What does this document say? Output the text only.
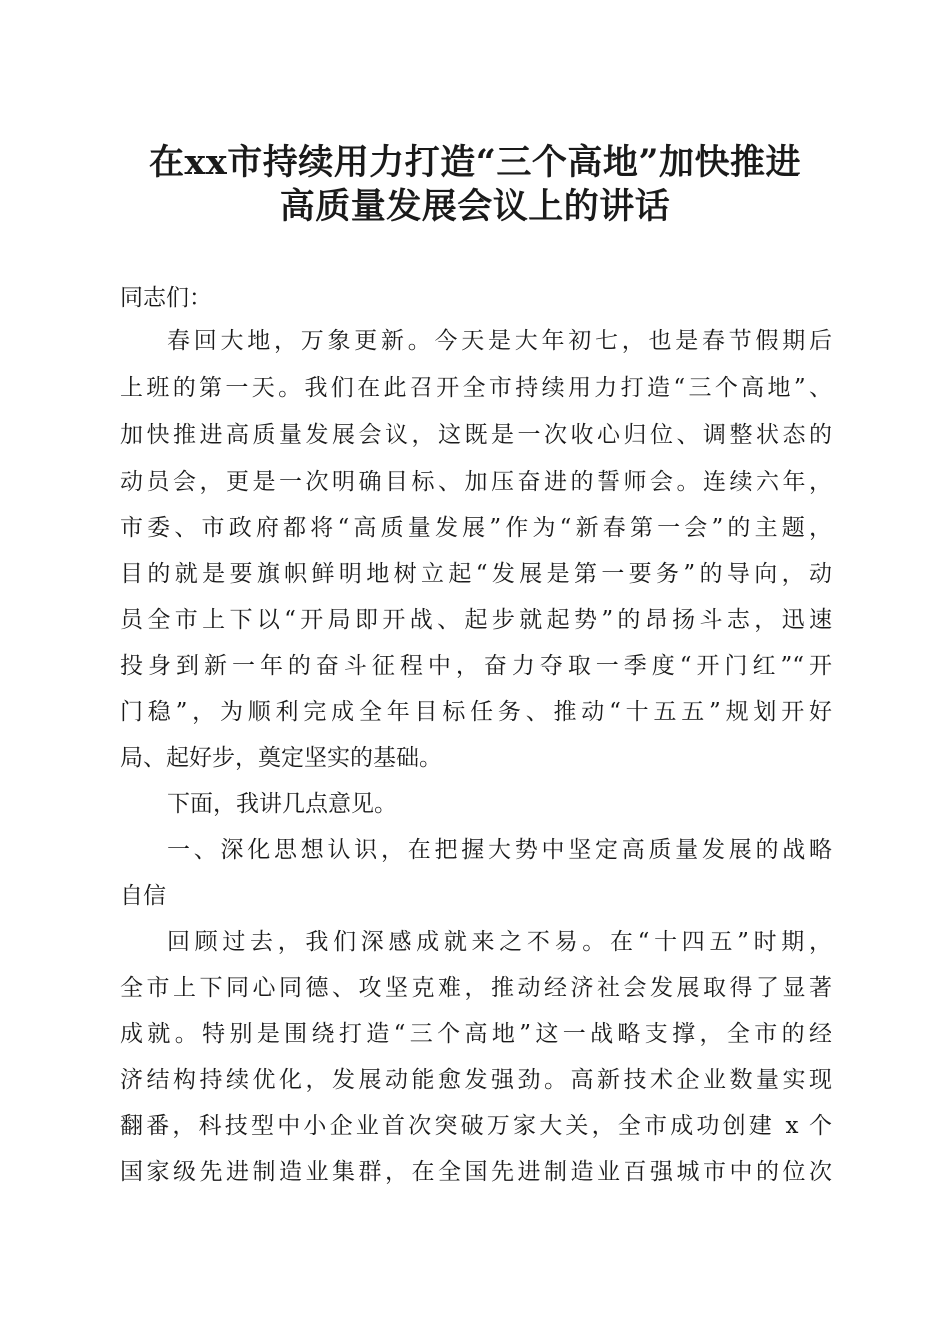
在xx市持续用力打造“三个高地”加快推进
高质量发展会议上的讲话
同志们：
春回大地，万象更新。今天是大年初七，也是春节假期后
上班的第一天。我们在此召开全市持续用力打造“三个高地”、
加快推进高质量发展会议，这既是一次收心归位、调整状态的
动员会，更是一次明确目标、加压奋进的誓师会。连续六年，
市委、市政府都将“高质量发展”作为“新春第一会”的主题，
目的就是要旗帜鲜明地树立起“发展是第一要务”的导向，动
员全市上下以“开局即开战、起步就起势”的昂扬斗志，迅速
投身到新一年的奋斗征程中，奋力夺取一季度“开门红”“开
门稳”，为顺利完成全年目标任务、推动“十五五”规划开好
局、起好步，奠定坚实的基础。
下面，我讲几点意见。
一、深化思想认识，在把握大势中坚定高质量发展的战略
自信
回顾过去，我们深感成就来之不易。在“十四五”时期，
全市上下同心同德、攻坚克难，推动经济社会发展取得了显著
成就。特别是围绕打造“三个高地”这一战略支撑，全市的经
济结构持续优化，发展动能愈发强劲。高新技术企业数量实现
翻番，科技型中小企业首次突破万家大关，全市成功创建 x 个
国家级先进制造业集群，在全国先进制造业百强城市中的位次
